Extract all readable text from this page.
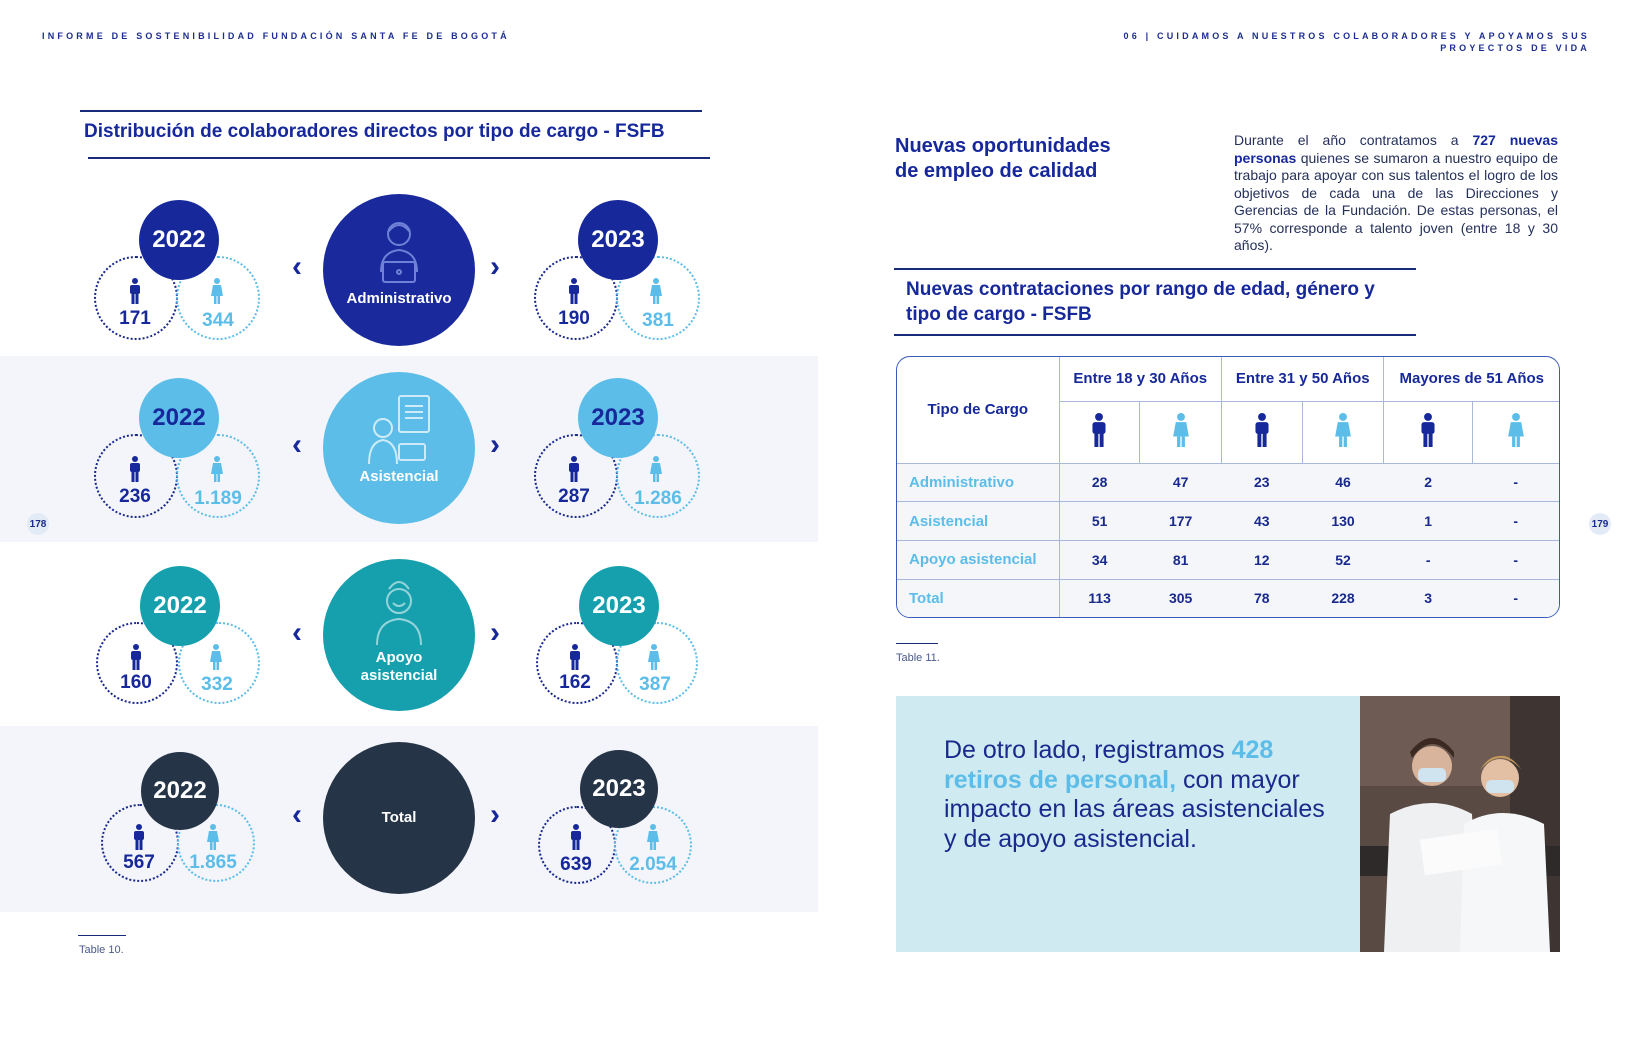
INFORME DE SOSTENIBILIDAD FUNDACIÓN SANTA FE DE BOGOTÁ	06 | CUIDAMOS A NUESTROS COLABORADORES Y APOYAMOS SUS
PROYECTOS DE VIDA
178	179
Distribución de colaboradores directos por tipo de cargo - FSFB
2022
171	344
‹
Administrativo
›
2023
190	381
2022
236	1.189
‹
Asistencial
›
2023
287	1.286
2022
160	332
‹
Apoyo
asistencial
›
2023
162	387
2022
567	1.865
‹	Total ›
2023
639	2.054
Table 10.
Nuevas oportunidades
de empleo de calidad
Durante el año contratamos a 727 nuevas personas quienes se sumaron a nuestro equipo de trabajo para apoyar con sus talentos el logro de los objetivos de cada una de las Direcciones y Gerencias de la Fundación. De estas personas, el 57% corresponde a talento joven (entre 18 y 30 años).
Nuevas contrataciones por rango de edad, género y
tipo de cargo - FSFB
Tipo de Cargo	Entre 18 y 30 Años		Entre 31 y 50 Años		Mayores de 51 Años	

Administrativo	28	47	23	46	2	-
Asistencial	51	177	43	130	1	-
Apoyo asistencial	34	81	12	52	-	-
Total	113	305	78	228	3	-
Table 11.
De otro lado, registramos 428 retiros de personal, con mayor impacto en las áreas asistenciales y de apoyo asistencial.
